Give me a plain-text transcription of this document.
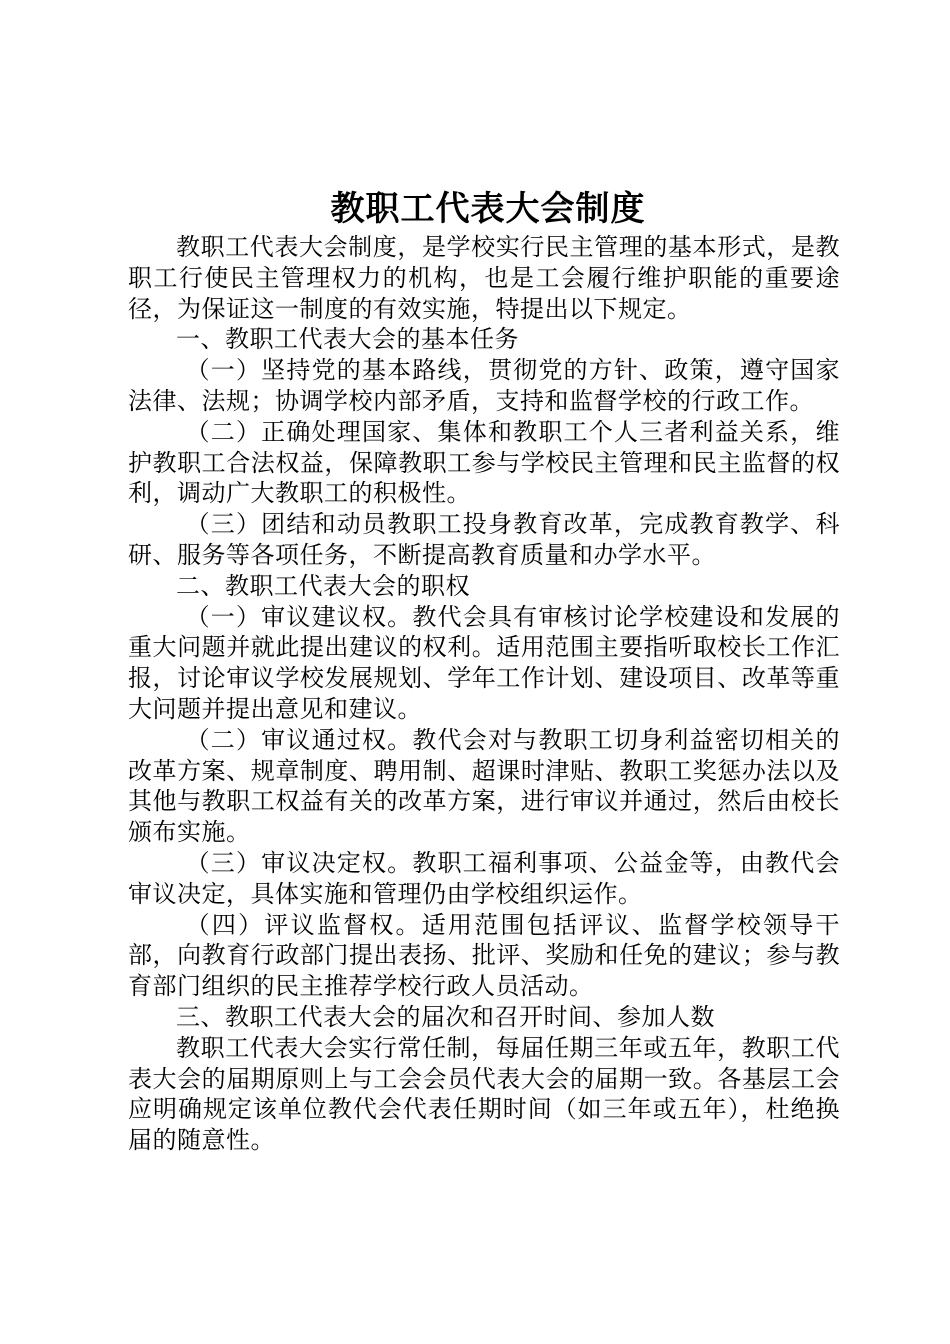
教职工代表大会制度

教职工代表大会制度，是学校实行民主管理的基本形式，是教职工行使民主管理权力的机构，也是工会履行维护职能的重要途径，为保证这一制度的有效实施，特提出以下规定。

一、教职工代表大会的基本任务

（一）坚持党的基本路线，贯彻党的方针、政策，遵守国家法律、法规；协调学校内部矛盾，支持和监督学校的行政工作。

（二）正确处理国家、集体和教职工个人三者利益关系，维护教职工合法权益，保障教职工参与学校民主管理和民主监督的权利，调动广大教职工的积极性。

（三）团结和动员教职工投身教育改革，完成教育教学、科研、服务等各项任务，不断提高教育质量和办学水平。

二、教职工代表大会的职权

（一）审议建议权。教代会具有审核讨论学校建设和发展的重大问题并就此提出建议的权利。适用范围主要指听取校长工作汇报，讨论审议学校发展规划、学年工作计划、建设项目、改革等重大问题并提出意见和建议。

（二）审议通过权。教代会对与教职工切身利益密切相关的改革方案、规章制度、聘用制、超课时津贴、教职工奖惩办法以及其他与教职工权益有关的改革方案，进行审议并通过，然后由校长颁布实施。

（三）审议决定权。教职工福利事项、公益金等，由教代会审议决定，具体实施和管理仍由学校组织运作。

（四）评议监督权。适用范围包括评议、监督学校领导干部，向教育行政部门提出表扬、批评、奖励和任免的建议；参与教育部门组织的民主推荐学校行政人员活动。

三、教职工代表大会的届次和召开时间、参加人数

教职工代表大会实行常任制，每届任期三年或五年，教职工代表大会的届期原则上与工会会员代表大会的届期一致。各基层工会应明确规定该单位教代会代表任期时间（如三年或五年），杜绝换届的随意性。
